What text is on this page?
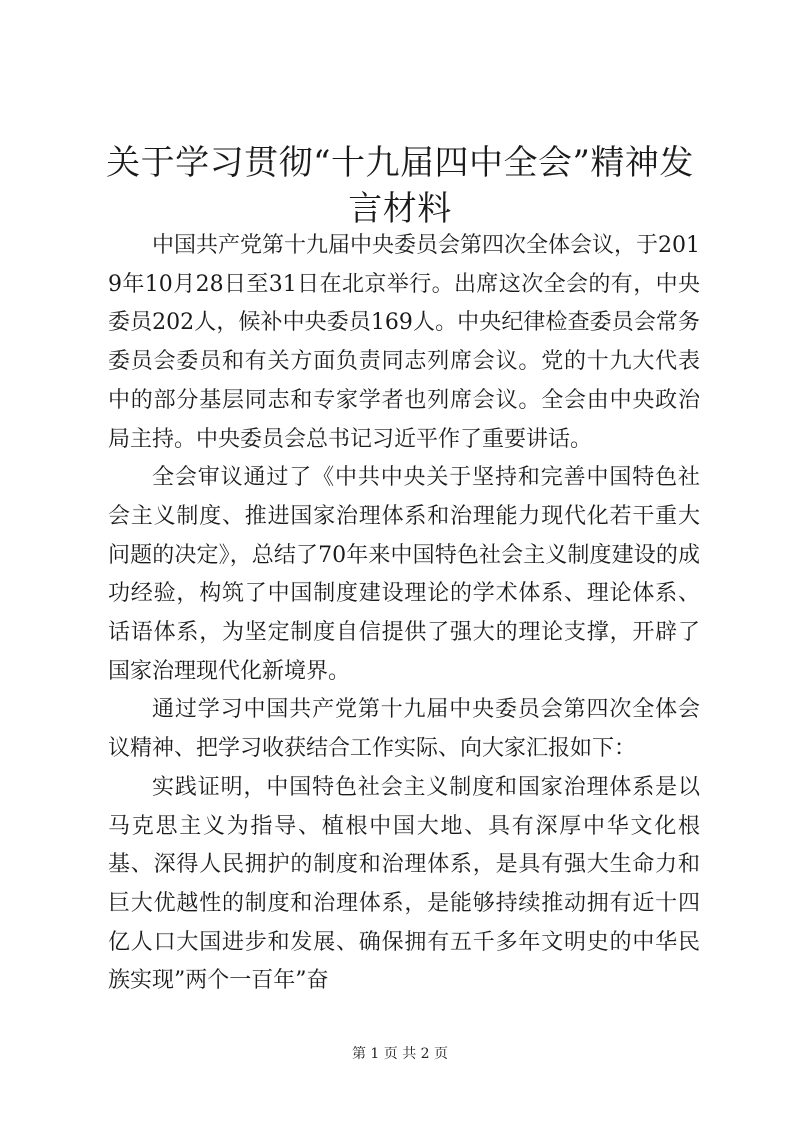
关于学习贯彻“十九届四中全会”精神发言材料

中国共产党第十九届中央委员会第四次全体会议，于2019年10月28日至31日在北京举行。出席这次全会的有，中央委员202人，候补中央委员169人。中央纪律检查委员会常务委员会委员和有关方面负责同志列席会议。党的十九大代表中的部分基层同志和专家学者也列席会议。全会由中央政治局主持。中央委员会总书记习近平作了重要讲话。

全会审议通过了《中共中央关于坚持和完善中国特色社会主义制度、推进国家治理体系和治理能力现代化若干重大问题的决定》，总结了70年来中国特色社会主义制度建设的成功经验，构筑了中国制度建设理论的学术体系、理论体系、话语体系，为坚定制度自信提供了强大的理论支撑，开辟了国家治理现代化新境界。

通过学习中国共产党第十九届中央委员会第四次全体会议精神、把学习收获结合工作实际、向大家汇报如下：

实践证明，中国特色社会主义制度和国家治理体系是以马克思主义为指导、植根中国大地、具有深厚中华文化根基、深得人民拥护的制度和治理体系，是具有强大生命力和巨大优越性的制度和治理体系，是能够持续推动拥有近十四亿人口大国进步和发展、确保拥有五千多年文明史的中华民族实现”两个一百年”奋

第 1 页 共 2 页
